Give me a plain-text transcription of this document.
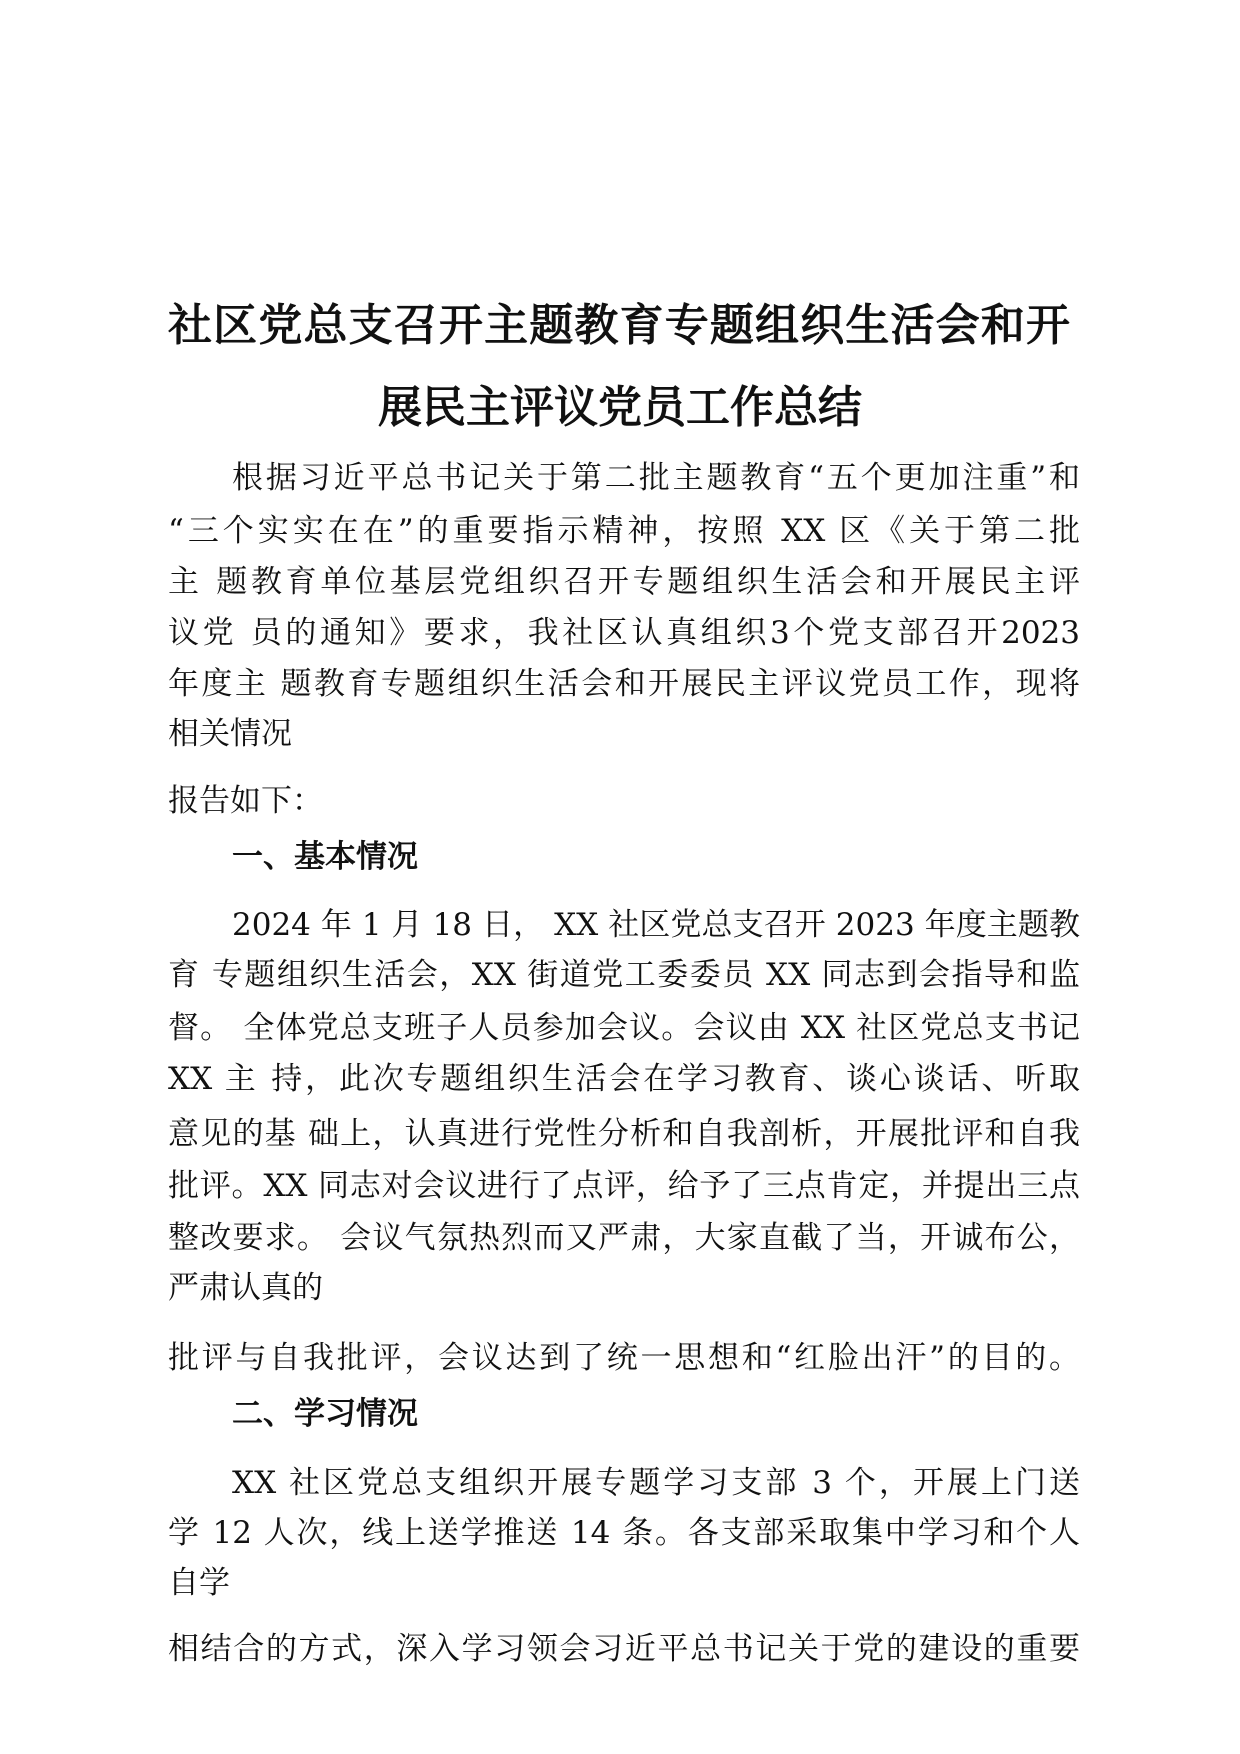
社区党总支召开主题教育专题组织生活会和开
展民主评议党员工作总结
根据习近平总书记关于第二批主题教育“五个更加注重”和
“三个实实在在”的重要指示精神，按照 XX 区《关于第二批
主 题教育单位基层党组织召开专题组织生活会和开展民主评
议党 员的通知》要求，我社区认真组织3个党支部召开2023
年度主 题教育专题组织生活会和开展民主评议党员工作，现将
相关情况
报告如下：
一、基本情况
2024 年 1 月 18 日， XX 社区党总支召开 2023 年度主题教
育 专题组织生活会，XX 街道党工委委员 XX 同志到会指导和监
督。 全体党总支班子人员参加会议。会议由 XX 社区党总支书记
XX 主 持，此次专题组织生活会在学习教育、谈心谈话、听取
意见的基 础上，认真进行党性分析和自我剖析，开展批评和自我
批评。XX 同志对会议进行了点评，给予了三点肯定，并提出三点
整改要求。 会议气氛热烈而又严肃，大家直截了当，开诚布公，
严肃认真的
批评与自我批评，会议达到了统一思想和“红脸出汗”的目的。
二、学习情况
XX 社区党总支组织开展专题学习支部 3 个，开展上门送
学 12 人次，线上送学推送 14 条。各支部采取集中学习和个人
自学
相结合的方式，深入学习领会习近平总书记关于党的建设的重要
